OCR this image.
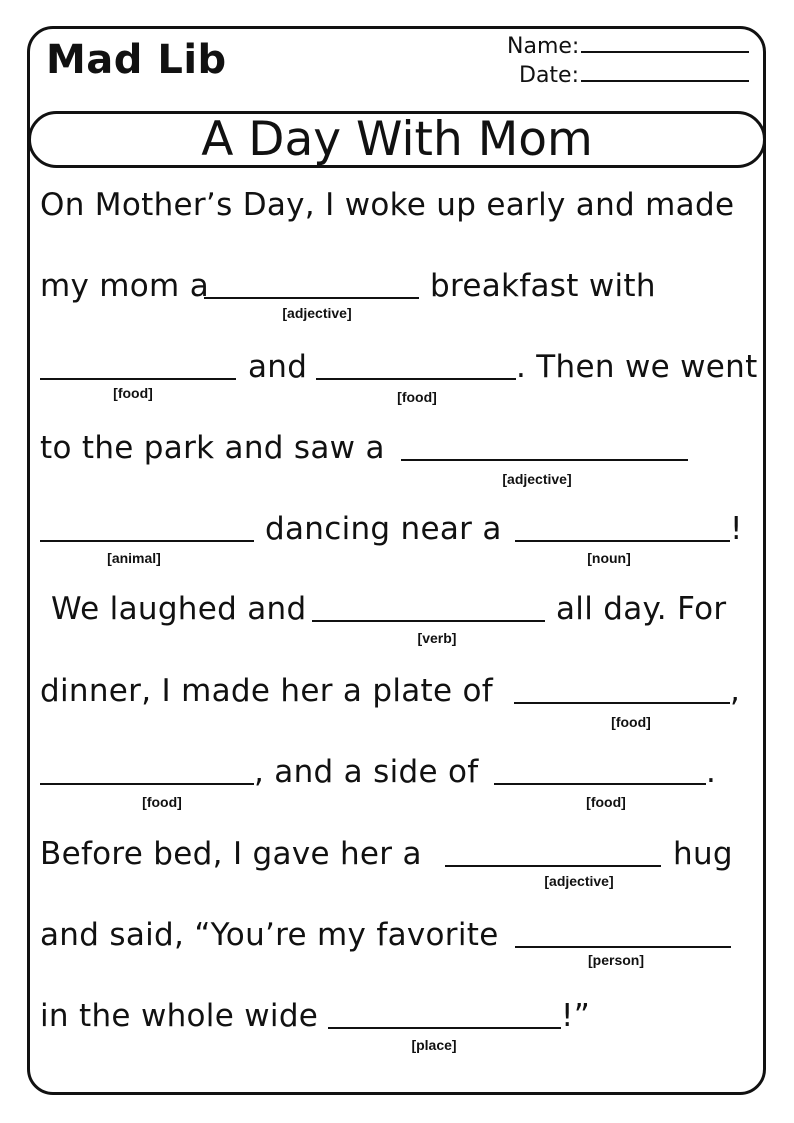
Mad Lib	Name:
Date:
A Day With Mom
On Mother’s Day, I woke up early and made
my mom a	breakfast with
[adjective]
and	. Then we went
[food]	[food]
to the park and saw a
[adjective]
dancing near a	!
[animal]	[noun]
We laughed and	all day. For
[verb]
dinner, I made her a plate of	,
[food]
, and a side of	.
[food]	[food]
Before bed, I gave her a	hug
[adjective]
and said, “You’re my favorite
[person]
in the whole wide	!”
[place]
